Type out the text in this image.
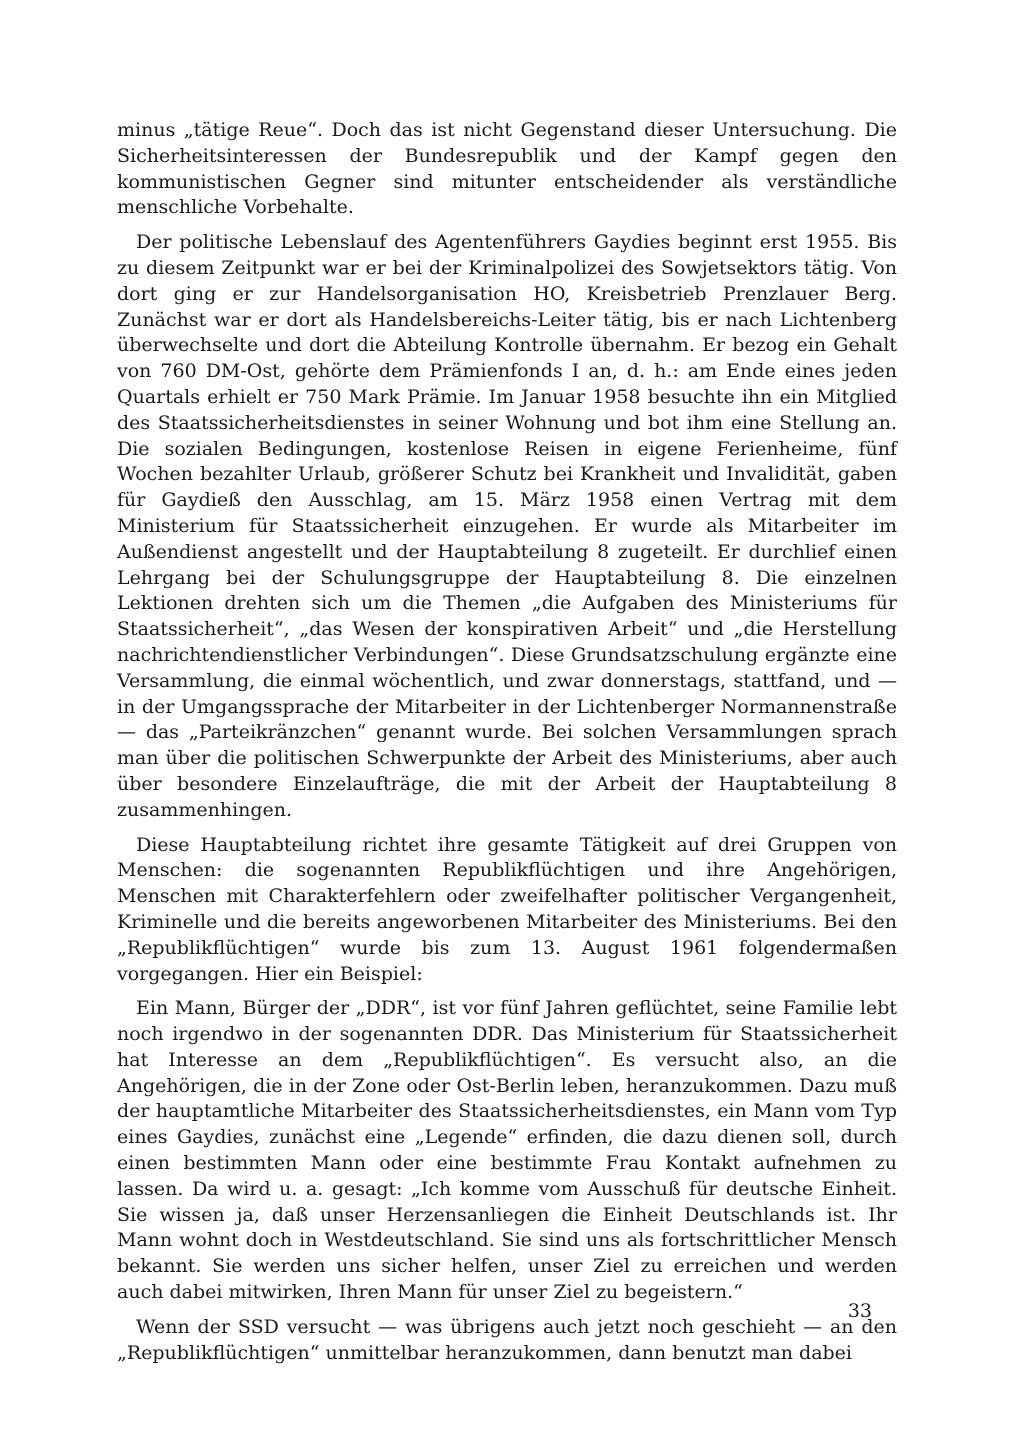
minus „tätige Reue“. Doch das ist nicht Gegenstand dieser Untersuchung. Die Sicherheitsinteressen der Bundesrepublik und der Kampf gegen den kommunistischen Gegner sind mitunter entscheidender als verständliche menschliche Vorbehalte.

Der politische Lebenslauf des Agentenführers Gaydies beginnt erst 1955. Bis zu diesem Zeitpunkt war er bei der Kriminalpolizei des Sowjetsektors tätig. Von dort ging er zur Handelsorganisation HO, Kreisbetrieb Prenzlauer Berg. Zunächst war er dort als Handelsbereichs-Leiter tätig, bis er nach Lichtenberg überwechselte und dort die Abteilung Kontrolle übernahm. Er bezog ein Gehalt von 760 DM-Ost, gehörte dem Prämienfonds I an, d. h.: am Ende eines jeden Quartals erhielt er 750 Mark Prämie. Im Januar 1958 besuchte ihn ein Mitglied des Staatssicherheitsdienstes in seiner Wohnung und bot ihm eine Stellung an. Die sozialen Bedingungen, kostenlose Reisen in eigene Ferienheime, fünf Wochen bezahlter Urlaub, größerer Schutz bei Krankheit und Invalidität, gaben für Gaydieß den Ausschlag, am 15. März 1958 einen Vertrag mit dem Ministerium für Staatssicherheit einzugehen. Er wurde als Mitarbeiter im Außendienst angestellt und der Hauptabteilung 8 zugeteilt. Er durchlief einen Lehrgang bei der Schulungsgruppe der Hauptabteilung 8. Die einzelnen Lektionen drehten sich um die Themen „die Aufgaben des Ministeriums für Staatssicherheit“, „das Wesen der konspirativen Arbeit“ und „die Herstellung nachrichtendienstlicher Verbindungen“. Diese Grundsatzschulung ergänzte eine Versammlung, die einmal wöchentlich, und zwar donnerstags, stattfand, und — in der Umgangssprache der Mitarbeiter in der Lichtenberger Normannenstraße — das „Parteikränzchen“ genannt wurde. Bei solchen Versammlungen sprach man über die politischen Schwerpunkte der Arbeit des Ministeriums, aber auch über besondere Einzelaufträge, die mit der Arbeit der Hauptabteilung 8 zusammenhingen.

Diese Hauptabteilung richtet ihre gesamte Tätigkeit auf drei Gruppen von Menschen: die sogenannten Republikflüchtigen und ihre Angehörigen, Menschen mit Charakterfehlern oder zweifelhafter politischer Vergangenheit, Kriminelle und die bereits angeworbenen Mitarbeiter des Ministeriums. Bei den „Republikflüchtigen“ wurde bis zum 13. August 1961 folgendermaßen vorgegangen. Hier ein Beispiel:

Ein Mann, Bürger der „DDR“, ist vor fünf Jahren geflüchtet, seine Familie lebt noch irgendwo in der sogenannten DDR. Das Ministerium für Staatssicherheit hat Interesse an dem „Republikflüchtigen“. Es versucht also, an die Angehörigen, die in der Zone oder Ost-Berlin leben, heranzukommen. Dazu muß der hauptamtliche Mitarbeiter des Staatssicherheitsdienstes, ein Mann vom Typ eines Gaydies, zunächst eine „Legende“ erfinden, die dazu dienen soll, durch einen bestimmten Mann oder eine bestimmte Frau Kontakt aufnehmen zu lassen. Da wird u. a. gesagt: „Ich komme vom Ausschuß für deutsche Einheit. Sie wissen ja, daß unser Herzensanliegen die Einheit Deutschlands ist. Ihr Mann wohnt doch in Westdeutschland. Sie sind uns als fortschrittlicher Mensch bekannt. Sie werden uns sicher helfen, unser Ziel zu erreichen und werden auch dabei mitwirken, Ihren Mann für unser Ziel zu begeistern.“

Wenn der SSD versucht — was übrigens auch jetzt noch geschieht — an den „Republikflüchtigen“ unmittelbar heranzukommen, dann benutzt man dabei

33
